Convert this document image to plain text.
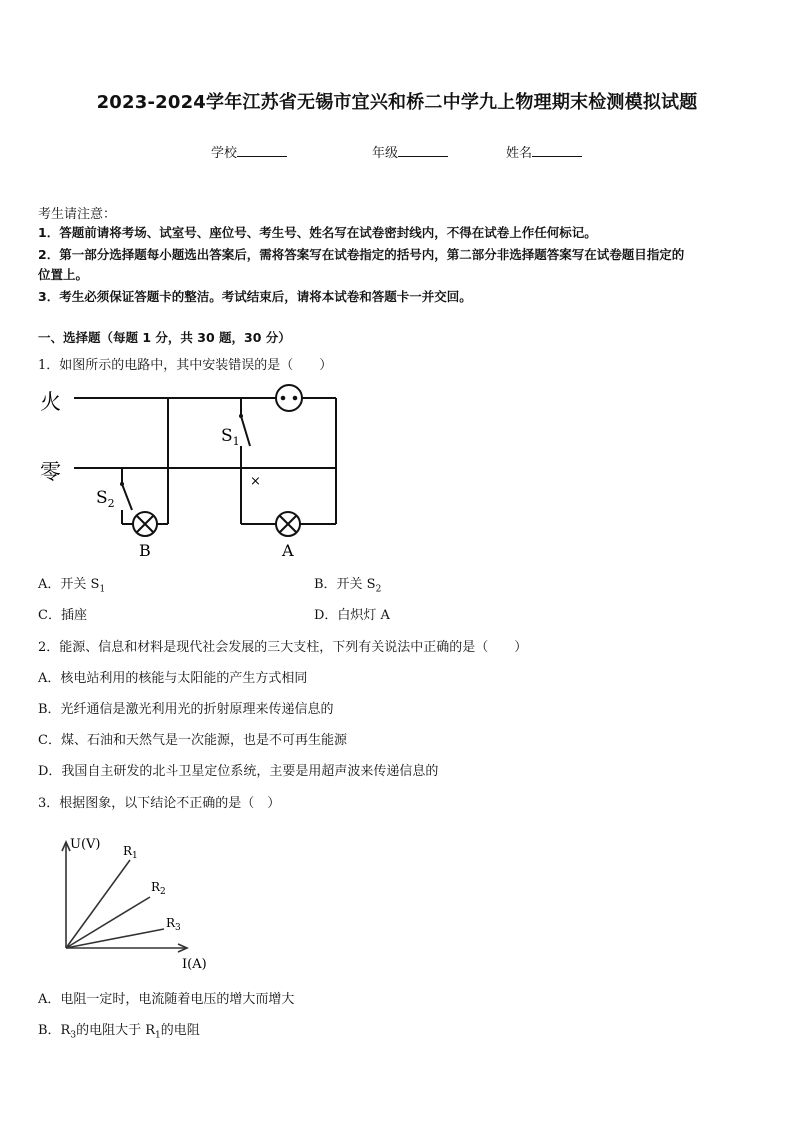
2023-2024学年江苏省无锡市宜兴和桥二中学九上物理期末检测模拟试题
学校	年级	姓名
考生请注意：
1．答题前请将考场、试室号、座位号、考生号、姓名写在试卷密封线内，不得在试卷上作任何标记。
2．第一部分选择题每小题选出答案后，需将答案写在试卷指定的括号内，第二部分非选择题答案写在试卷题目指定的
位置上。
3．考生必须保证答题卡的整洁。考试结束后，请将本试卷和答题卡一并交回。
一、选择题（每题 1 分，共 30 题，30 分）
1．如图所示的电路中，其中安装错误的是（　　）
火
零
$S_1$
$S_2$
×
B	A
A．开关 $S_1$	B．开关 $S_2$
C．插座	D．白炽灯 A
2．能源、信息和材料是现代社会发展的三大支柱，下列有关说法中正确的是（　　）
A．核电站利用的核能与太阳能的产生方式相同
B．光纤通信是激光利用光的折射原理来传递信息的
C．煤、石油和天然气是一次能源，也是不可再生能源
D．我国自主研发的北斗卫星定位系统，主要是用超声波来传递信息的
3．根据图象，以下结论不正确的是（　）
U(V)
I(A)
$R_1$
$R_2$
$R_3$
A．电阻一定时，电流随着电压的增大而增大
B．$R_3$的电阻大于 $R_1$的电阻
